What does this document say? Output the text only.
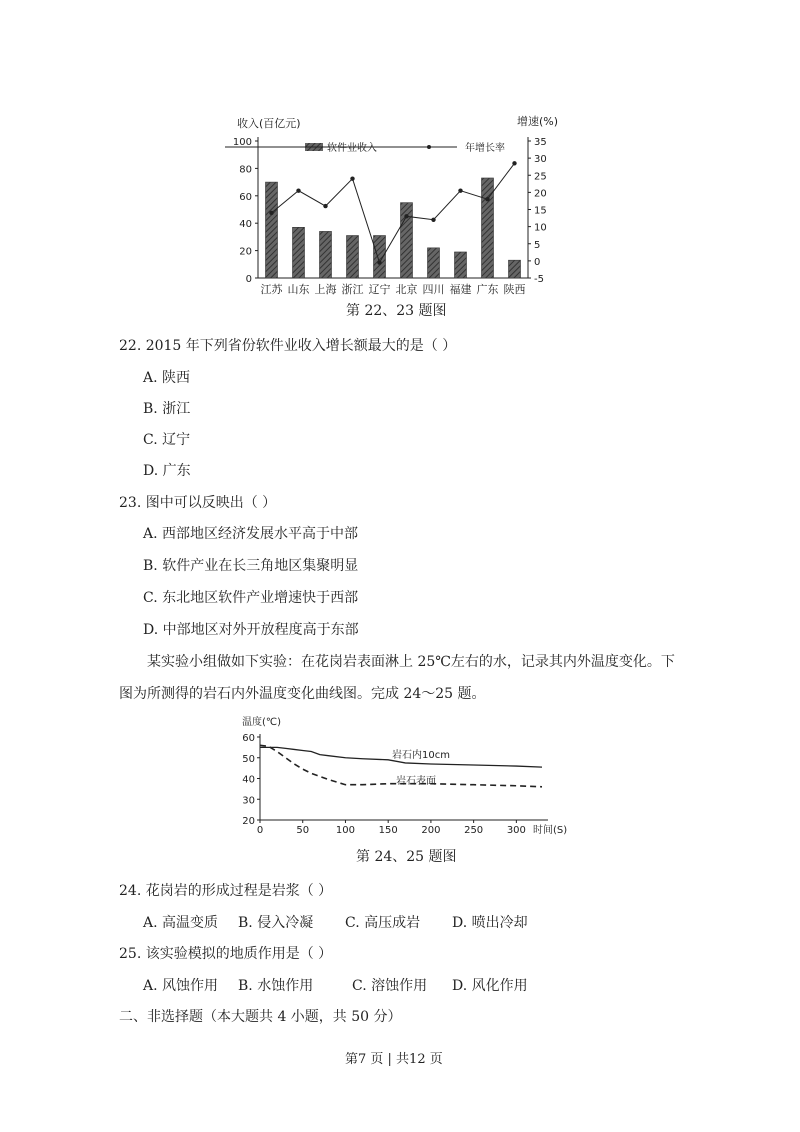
收入(百亿元)	增速(%)
0
20
40
60
80
100
-5
0
5
10
15
20
25
30
35
江苏 山东 上海 浙江 辽宁 北京 四川 福建 广东 陕西
软件业收入	年增长率
第 22、23 题图
22. 2015 年下列省份软件业收入增长额最大的是（ ）
A. 陕西
B. 浙江
C. 辽宁
D. 广东
23. 图中可以反映出（ ）
A. 西部地区经济发展水平高于中部
B. 软件产业在长三角地区集聚明显
C. 东北地区软件产业增速快于西部
D. 中部地区对外开放程度高于东部
某实验小组做如下实验：在花岗岩表面淋上 25℃左右的水，记录其内外温度变化。下
图为所测得的岩石内外温度变化曲线图。完成 24～25 题。
温度(℃)
时间(S)
20
30
40
50
60
0	50	100 150 200 250 300
岩石内10cm
岩石表面
第 24、25 题图
24. 花岗岩的形成过程是岩浆（ ）
A. 高温变质 B. 侵入冷凝 C. 高压成岩 D. 喷出冷却
25. 该实验模拟的地质作用是（ ）
A. 风蚀作用 B. 水蚀作用	C. 溶蚀作用 D. 风化作用
二、非选择题（本大题共 4 小题，共 50 分）
第7 页 | 共12 页
